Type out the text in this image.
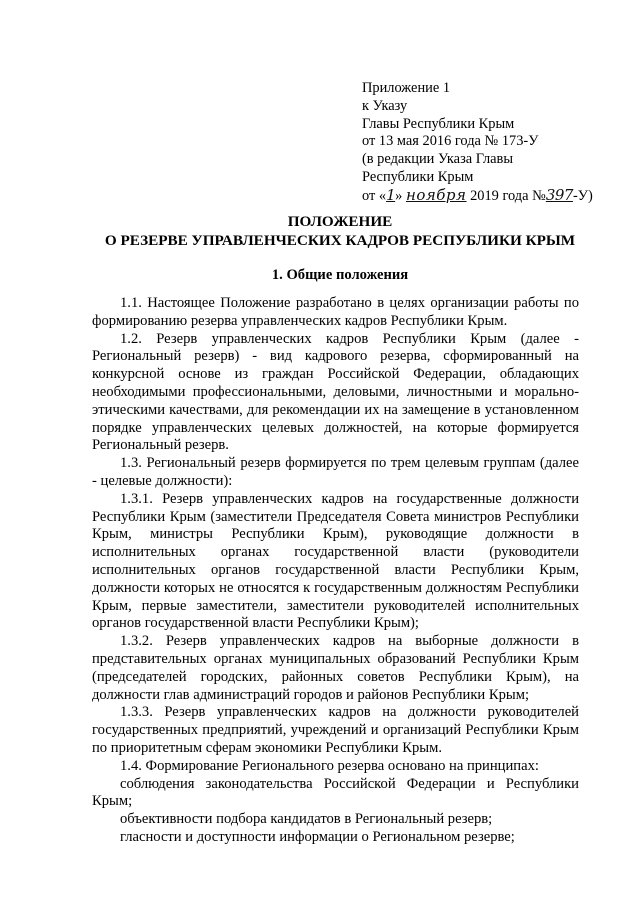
Приложение 1
к Указу
Главы Республики Крым
от 13 мая 2016 года № 173-У
(в редакции Указа Главы
Республики Крым
от «1» ноября 2019 года №397-У)
ПОЛОЖЕНИЕ
О РЕЗЕРВЕ УПРАВЛЕНЧЕСКИХ КАДРОВ РЕСПУБЛИКИ КРЫМ
1. Общие положения

1.1. Настоящее Положение разработано в целях организации работы по формированию резерва управленческих кадров Республики Крым.

1.2. Резерв управленческих кадров Республики Крым (далее - Региональный резерв) - вид кадрового резерва, сформированный на конкурсной основе из граждан Российской Федерации, обладающих необходимыми профессиональными, деловыми, личностными и морально-этическими качествами, для рекомендации их на замещение в установленном порядке управленческих целевых должностей, на которые формируется Региональный резерв.

1.3. Региональный резерв формируется по трем целевым группам (далее - целевые должности):

1.3.1. Резерв управленческих кадров на государственные должности Республики Крым (заместители Председателя Совета министров Республики Крым, министры Республики Крым), руководящие должности в исполнительных органах государственной власти (руководители исполнительных органов государственной власти Республики Крым, должности которых не относятся к государственным должностям Республики Крым, первые заместители, заместители руководителей исполнительных органов государственной власти Республики Крым);

1.3.2. Резерв управленческих кадров на выборные должности в представительных органах муниципальных образований Республики Крым (председателей городских, районных советов Республики Крым), на должности глав администраций городов и районов Республики Крым;

1.3.3. Резерв управленческих кадров на должности руководителей государственных предприятий, учреждений и организаций Республики Крым по приоритетным сферам экономики Республики Крым.

1.4. Формирование Регионального резерва основано на принципах:

соблюдения законодательства Российской Федерации и Республики Крым;

объективности подбора кандидатов в Региональный резерв;

гласности и доступности информации о Региональном резерве;
